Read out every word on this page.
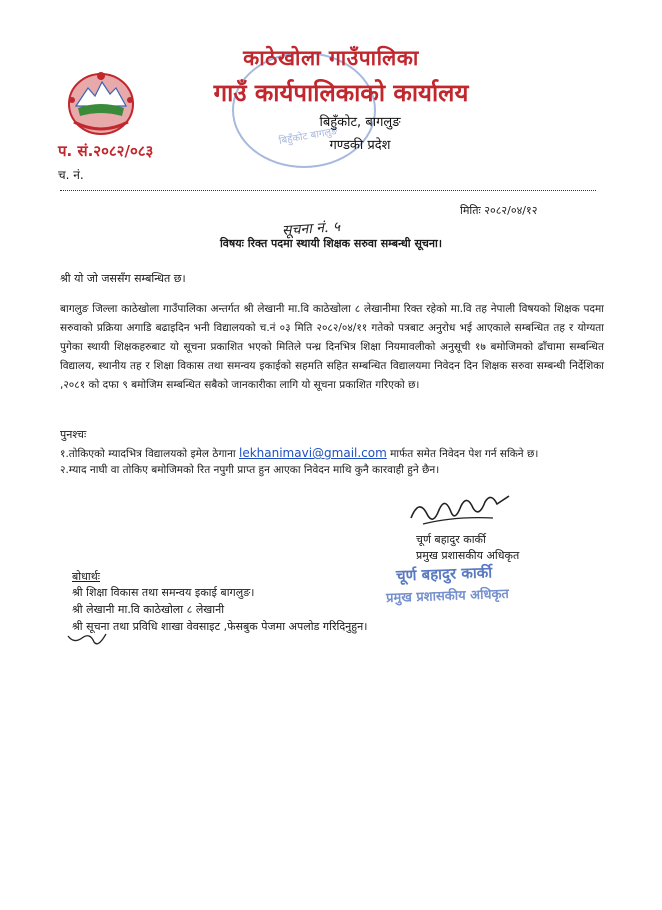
बिहुँकोट बागलुङ
काठेखोला गाउँपालिका
गाउँ कार्यपालिकाको कार्यालय
बिहुँकोट, बागलुङ
गण्डकी प्रदेश
प. सं.२०८२/०८३
च. नं.
मितिः २०८२/०४/१२
सूचना नं. ५
विषयः रिक्त पदमा स्थायी शिक्षक सरुवा सम्बन्धी सूचना।
श्री यो जो जससँग सम्बन्धित छ।

बागलुङ जिल्ला काठेखोला गाउँपालिका अन्तर्गत श्री लेखानी मा.वि काठेखोला ८ लेखानीमा रिक्त रहेको मा.वि तह नेपाली विषयको शिक्षक पदमा सरुवाको प्रक्रिया अगाडि बढाइदिन भनी विद्यालयको च.नं ०३ मिति २०८२/०४/११ गतेको पत्रबाट अनुरोध भई आएकाले सम्बन्धित तह र योग्यता पुगेका स्थायी शिक्षकहरुबाट यो सूचना प्रकाशित भएको मितिले पन्ध्र दिनभित्र शिक्षा नियमावलीको अनुसूची १७ बमोजिमको ढाँचामा सम्बन्धित विद्यालय, स्थानीय तह र शिक्षा विकास तथा समन्वय इकाईको सहमति सहित सम्बन्धित विद्यालयमा निवेदन दिन शिक्षक सरुवा सम्बन्धी निर्देशिका ,२०८१ को दफा ९ बमोजिम सम्बन्धित सबैको जानकारीका लागि यो सूचना प्रकाशित गरिएको छ।

पुनश्चः
१.तोकिएको म्यादभित्र विद्यालयको इमेल ठेगाना lekhanimavi@gmail.com मार्फत समेत निवेदन पेश गर्न सकिने छ।
२.म्याद नाघी वा तोकिए बमोजिमको रित नपुगी प्राप्त हुन आएका निवेदन माथि कुनै कारवाही हुने छैन।
चूर्ण बहादुर कार्की
प्रमुख प्रशासकीय अधिकृत
चूर्ण बहादुर कार्की
प्रमुख प्रशासकीय अधिकृत
बोधार्थः
श्री शिक्षा विकास तथा समन्वय इकाई बागलुङ।
श्री लेखानी मा.वि काठेखोला ८ लेखानी
श्री सूचना तथा प्रविधि शाखा वेवसाइट ,फेसबुक पेजमा अपलोड गरिदिनुहुन।
